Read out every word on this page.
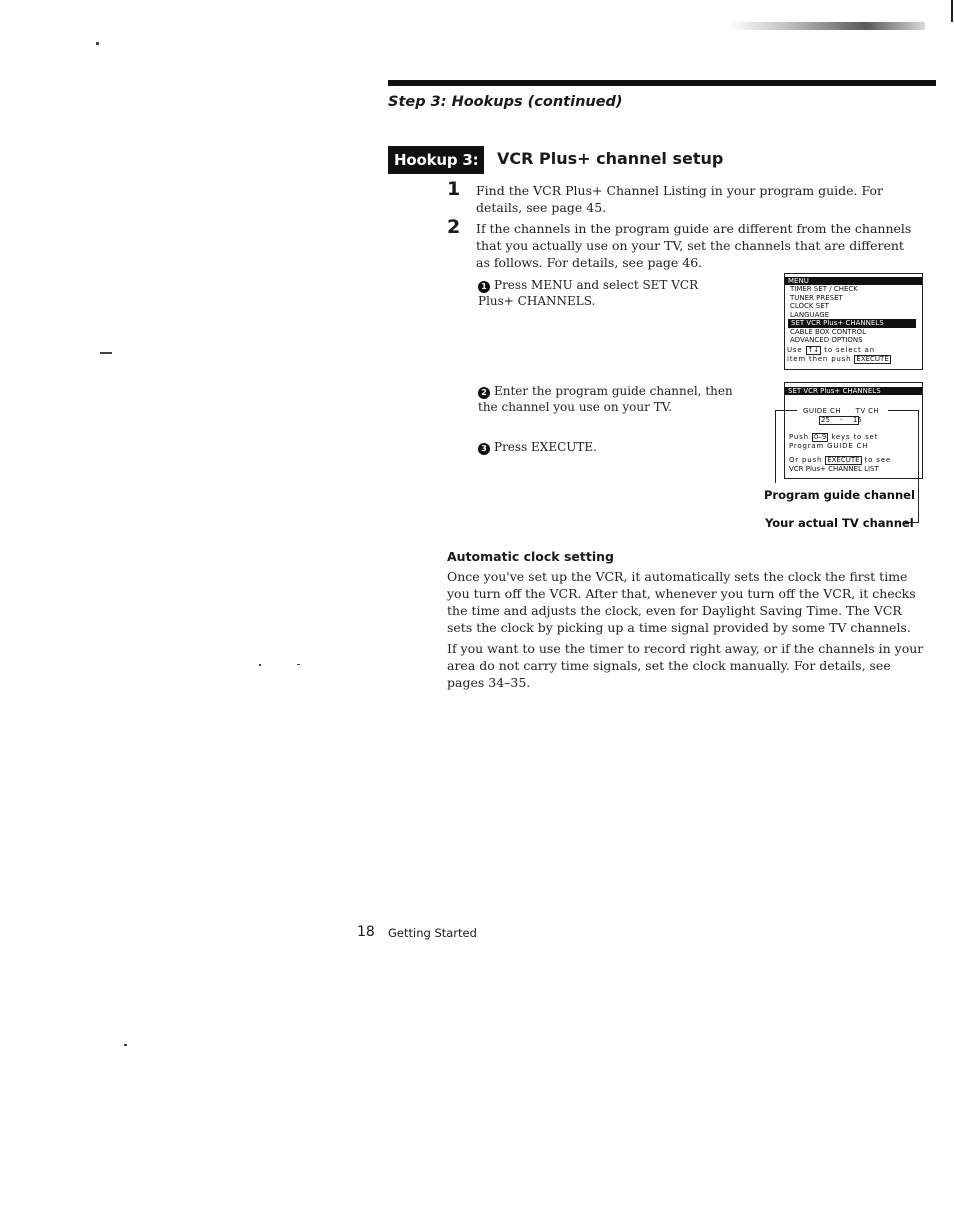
Step 3: Hookups (continued)
Hookup 3:	VCR Plus+ channel setup
1 Find the VCR Plus+ Channel Listing in your program guide. For details, see page 45.
2 If the channels in the program guide are different from the channels that you actually use on your TV, set the channels that are different as follows. For details, see page 46.
1 Press MENU and select SET VCR Plus+ CHANNELS.
2 Enter the program guide channel, then the channel you use on your TV.
3 Press EXECUTE.
MENU
TIMER SET / CHECK
TUNER PRESET
CLOCK SET
LANGUAGE
SET VCR Plus+ CHANNELS
CABLE BOX CONTROL
ADVANCED OPTIONS
Use ↑↓ to select an
item then push EXECUTE
SET VCR Plus+ CHANNELS
GUIDE CH TV CH
25 - 15
Push 0–9 keys to set
Program GUIDE CH
Or push EXECUTE to see
VCR Plus+ CHANNEL LIST
Program guide channel
Your actual TV channel
Automatic clock setting
Once you've set up the VCR, it automatically sets the clock the first time you turn off the VCR. After that, whenever you turn off the VCR, it checks the time and adjusts the clock, even for Daylight Saving Time. The VCR sets the clock by picking up a time signal provided by some TV channels.
If you want to use the timer to record right away, or if the channels in your area do not carry time signals, set the clock manually. For details, see pages 34–35.
18 Getting Started
